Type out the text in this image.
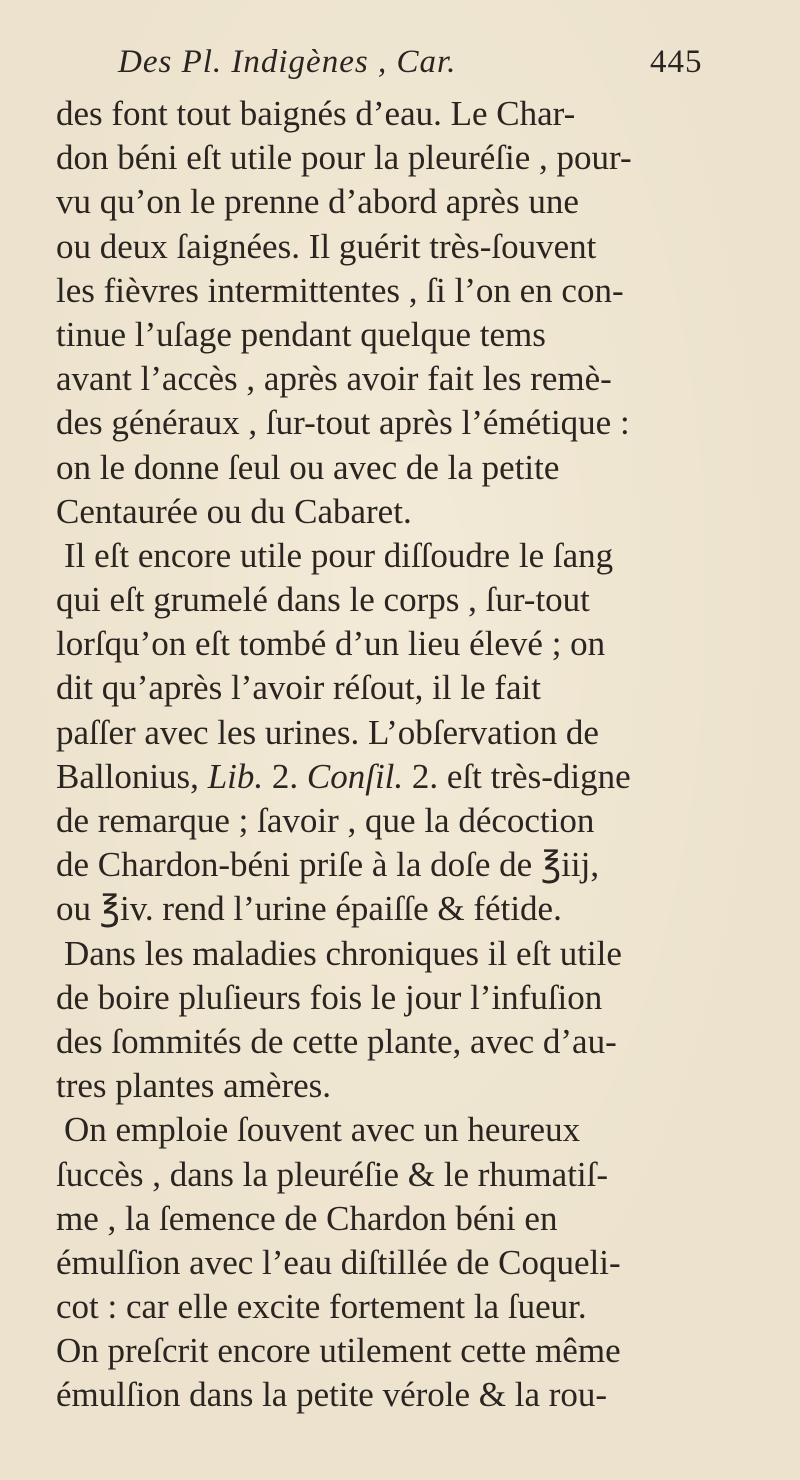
Des Pl. Indigènes , Car.	445
des font tout baignés d’eau. Le Char-
don béni eſt utile pour la pleuréſie , pour-
vu qu’on le prenne d’abord après une
ou deux ſaignées. Il guérit très-ſouvent
les fièvres intermittentes , ſi l’on en con-
tinue l’uſage pendant quelque tems
avant l’accès , après avoir fait les remè-
des généraux , ſur-tout après l’émétique :
on le donne ſeul ou avec de la petite
Centaurée ou du Cabaret.
Il eſt encore utile pour diſſoudre le ſang
qui eſt grumelé dans le corps , ſur-tout
lorſqu’on eſt tombé d’un lieu élevé ; on
dit qu’après l’avoir réſout, il le fait
paſſer avec les urines. L’obſervation de
Ballonius, Lib. 2. Conſil. 2. eſt très-digne
de remarque ; ſavoir , que la décoction
de Chardon-béni priſe à la doſe de ℥iij,
ou ℥iv. rend l’urine épaiſſe & fétide.
Dans les maladies chroniques il eſt utile
de boire pluſieurs fois le jour l’infuſion
des ſommités de cette plante, avec d’au-
tres plantes amères.
On emploie ſouvent avec un heureux
ſuccès , dans la pleuréſie & le rhumatiſ-
me , la ſemence de Chardon béni en
émulſion avec l’eau diſtillée de Coqueli-
cot : car elle excite fortement la ſueur.
On preſcrit encore utilement cette même
émulſion dans la petite vérole & la rou-
